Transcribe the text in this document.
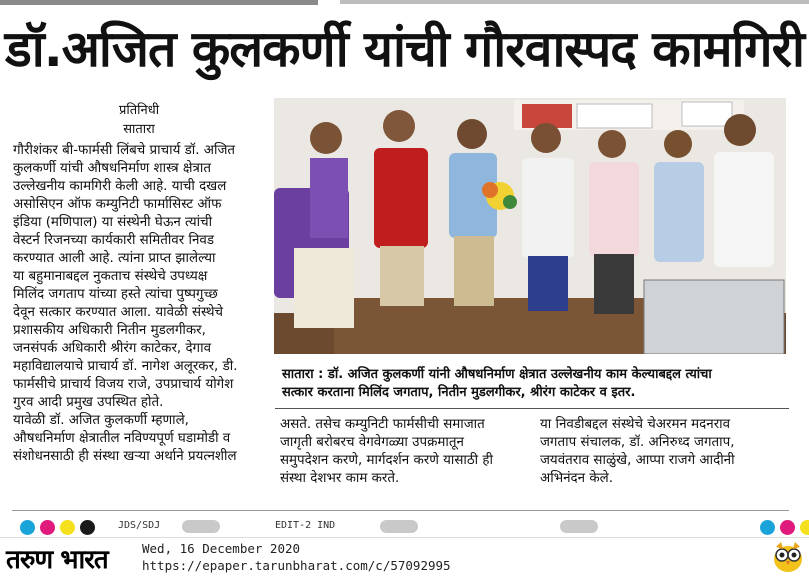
डॉ.अजित कुलकर्णी यांची गौरवास्पद कामगिरी
प्रतिनिधी
सातारा

गौरीशंकर बी-फार्मसी लिंबचे प्राचार्य डॉ. अजित

कुलकर्णी यांची औषधनिर्माण शास्त्र क्षेत्रात

उल्लेखनीय कामगिरी केली आहे. याची दखल

असोसिएन ऑफ कम्युनिटी फार्मासिस्ट ऑफ

इंडिया (मणिपाल) या संस्थेनी घेऊन त्यांची

वेस्टर्न रिजनच्या कार्यकारी समितीवर निवड

करण्यात आली आहे. त्यांना प्राप्त झालेल्या

या बहुमानाबद्दल नुकताच संस्थेचे उपध्यक्ष

मिलिंद जगताप यांच्या हस्ते त्यांचा पुष्पगुच्छ

देवून सत्कार करण्यात आला. यावेळी संस्थेचे

प्रशासकीय अधिकारी नितीन मुडलगीकर,

जनसंपर्क अधिकारी श्रीरंग काटेकर, देगाव

महाविद्यालयाचे प्राचार्य डॉ. नागेश अलूरकर, डी.

फार्मसीचे प्राचार्य विजय राजे, उपप्राचार्य योगेश

गुरव आदी प्रमुख उपस्थित होते.

यावेळी डॉ. अजित कुलकर्णी म्हणाले,

औषधनिर्माण क्षेत्रातील नविण्यपूर्ण घडामोडी व

संशोधनसाठी ही संस्था खऱ्या अर्थाने प्रयत्नशील

सातारा : डॉ. अजित कुलकर्णी यांनी औषधनिर्माण क्षेत्रात उल्लेखनीय काम केल्याबद्दल त्यांचा

सत्कार करताना मिलिंद जगताप, नितीन मुडलगीकर, श्रीरंग काटेकर व इतर.

असते. तसेच कम्युनिटी फार्मसीची समाजात

जागृती बरोबरच वेगवेगळ्या उपक्रमातून

समुपदेशन करणे, मार्गदर्शन करणे यासाठी ही

संस्था देशभर काम करते.

या निवडीबद्दल संस्थेचे चेअरमन मदनराव

जगताप संचालक, डॉ. अनिरुध्द जगताप,

जयवंतराव साळुंखे, आप्पा राजगे आदीनी

अभिनंदन केले.

JDS/SDJ	EDIT-2 IND
तरुण भारत	Wed, 16 December 2020
https://epaper.tarunbharat.com/c/57092995
